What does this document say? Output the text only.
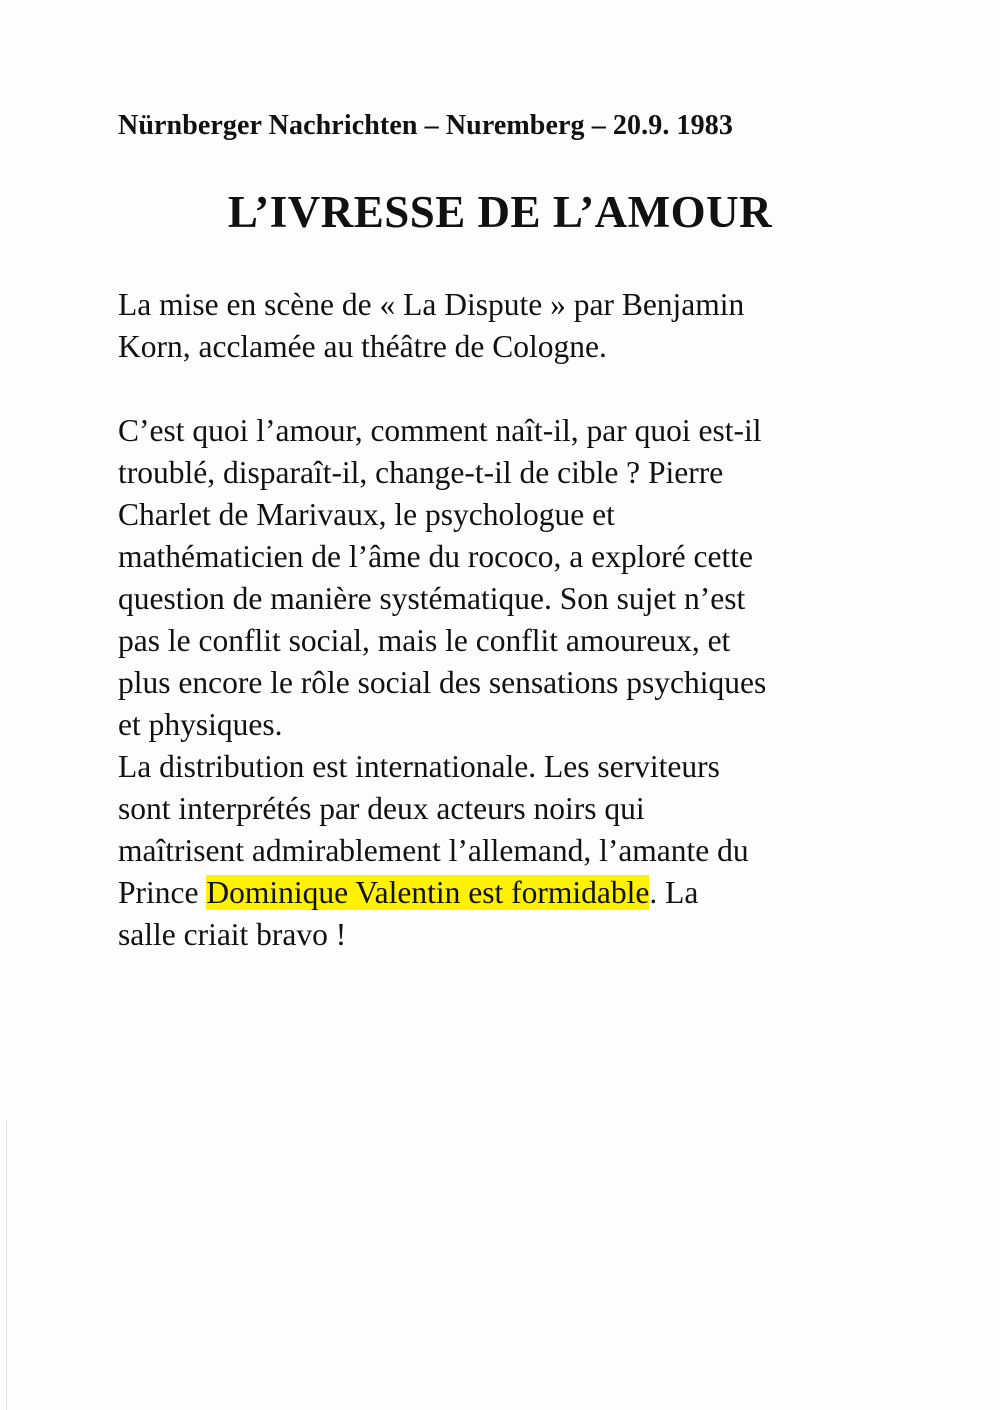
Nürnberger Nachrichten – Nuremberg – 20.9. 1983
L’IVRESSE DE L’AMOUR
La mise en scène de « La Dispute » par Benjamin
Korn, acclamée au théâtre de Cologne.
C’est quoi l’amour, comment naît-il, par quoi est-il
troublé, disparaît-il, change-t-il de cible ? Pierre
Charlet de Marivaux, le psychologue et
mathématicien de l’âme du rococo, a exploré cette
question de manière systématique. Son sujet n’est
pas le conflit social, mais le conflit amoureux, et
plus encore le rôle social des sensations psychiques
et physiques.
La distribution est internationale. Les serviteurs
sont interprétés par deux acteurs noirs qui
maîtrisent admirablement l’allemand, l’amante du
Prince Dominique Valentin est formidable. La
salle criait bravo !
